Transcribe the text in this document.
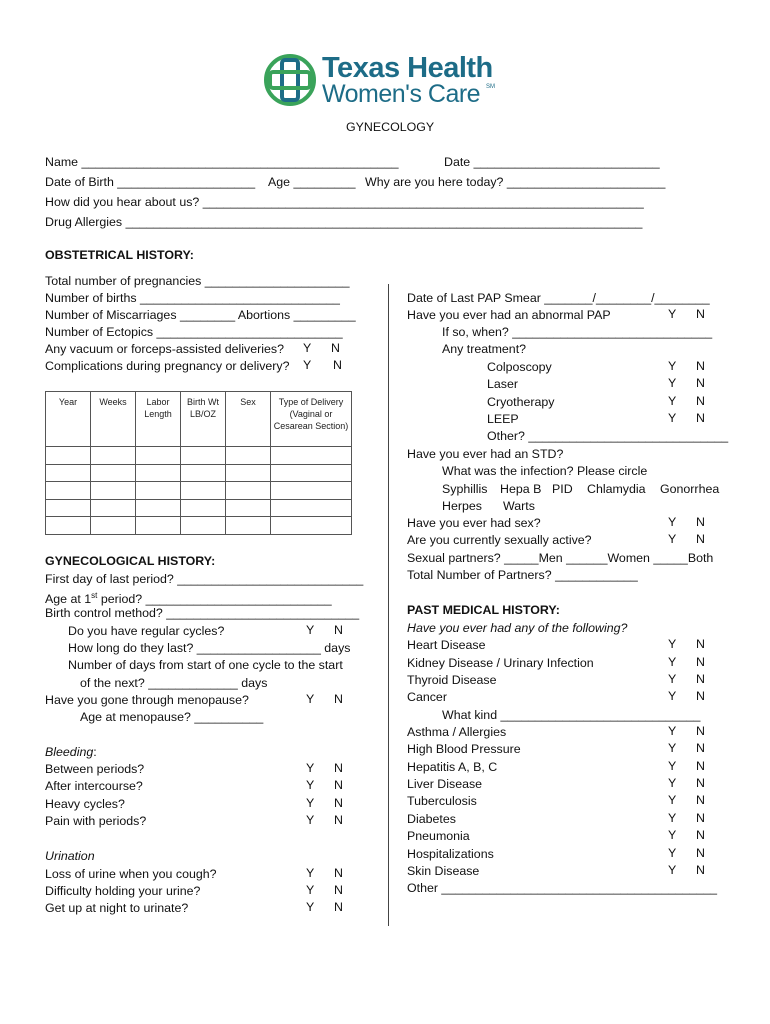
Texas Health
Women's Care SM
GYNECOLOGY
Name ______________________________________________	Date ___________________________
Date of Birth ____________________ Age _________ Why are you here today? _______________________
How did you hear about us? ________________________________________________________________
Drug Allergies ___________________________________________________________________________
OBSTETRICAL HISTORY:
Total number of pregnancies _____________________
Number of births _____________________________
Number of Miscarriages ________ Abortions _________
Number of Ectopics ___________________________
Any vacuum or forceps-assisted deliveries? Y N
Complications during pregnancy or delivery? Y N
Year	Weeks	Labor Length	Birth Wt LB/OZ	Sex	Type of Delivery (Vaginal or Cesarean Section)

GYNECOLOGICAL HISTORY:
First day of last period? ___________________________
Age at 1st period? ___________________________
Birth control method? ____________________________
Do you have regular cycles?	Y N
How long do they last? __________________ days
Number of days from start of one cycle to the start
of the next? _____________ days
Have you gone through menopause?	Y N
Age at menopause? __________
Bleeding:
Between periods?	Y N
After intercourse?	Y N
Heavy cycles?	Y N
Pain with periods?	Y N
Urination
Loss of urine when you cough?	Y N
Difficulty holding your urine?	Y N
Get up at night to urinate?	Y N
Date of Last PAP Smear _______/________/________
Have you ever had an abnormal PAP	Y N
If so, when? _____________________________
Any treatment?
Colposcopy	Y N
Laser	Y N
Cryotherapy	Y N
LEEP	Y N
Other? _____________________________
Have you ever had an STD?
What was the infection? Please circle
Syphillis Hepa B PID Chlamydia Gonorrhea
Herpes Warts
Have you ever had sex?	Y N
Are you currently sexually active?	Y N
Sexual partners? _____Men ______Women _____Both
Total Number of Partners? ____________
PAST MEDICAL HISTORY:
Have you ever had any of the following?
Heart Disease	Y N
Kidney Disease / Urinary Infection	Y N
Thyroid Disease	Y N
Cancer	Y N
What kind _____________________________
Asthma / Allergies	Y N
High Blood Pressure	Y N
Hepatitis A, B, C	Y N
Liver Disease	Y N
Tuberculosis	Y N
Diabetes	Y N
Pneumonia	Y N
Hospitalizations	Y N
Skin Disease	Y N
Other ________________________________________
